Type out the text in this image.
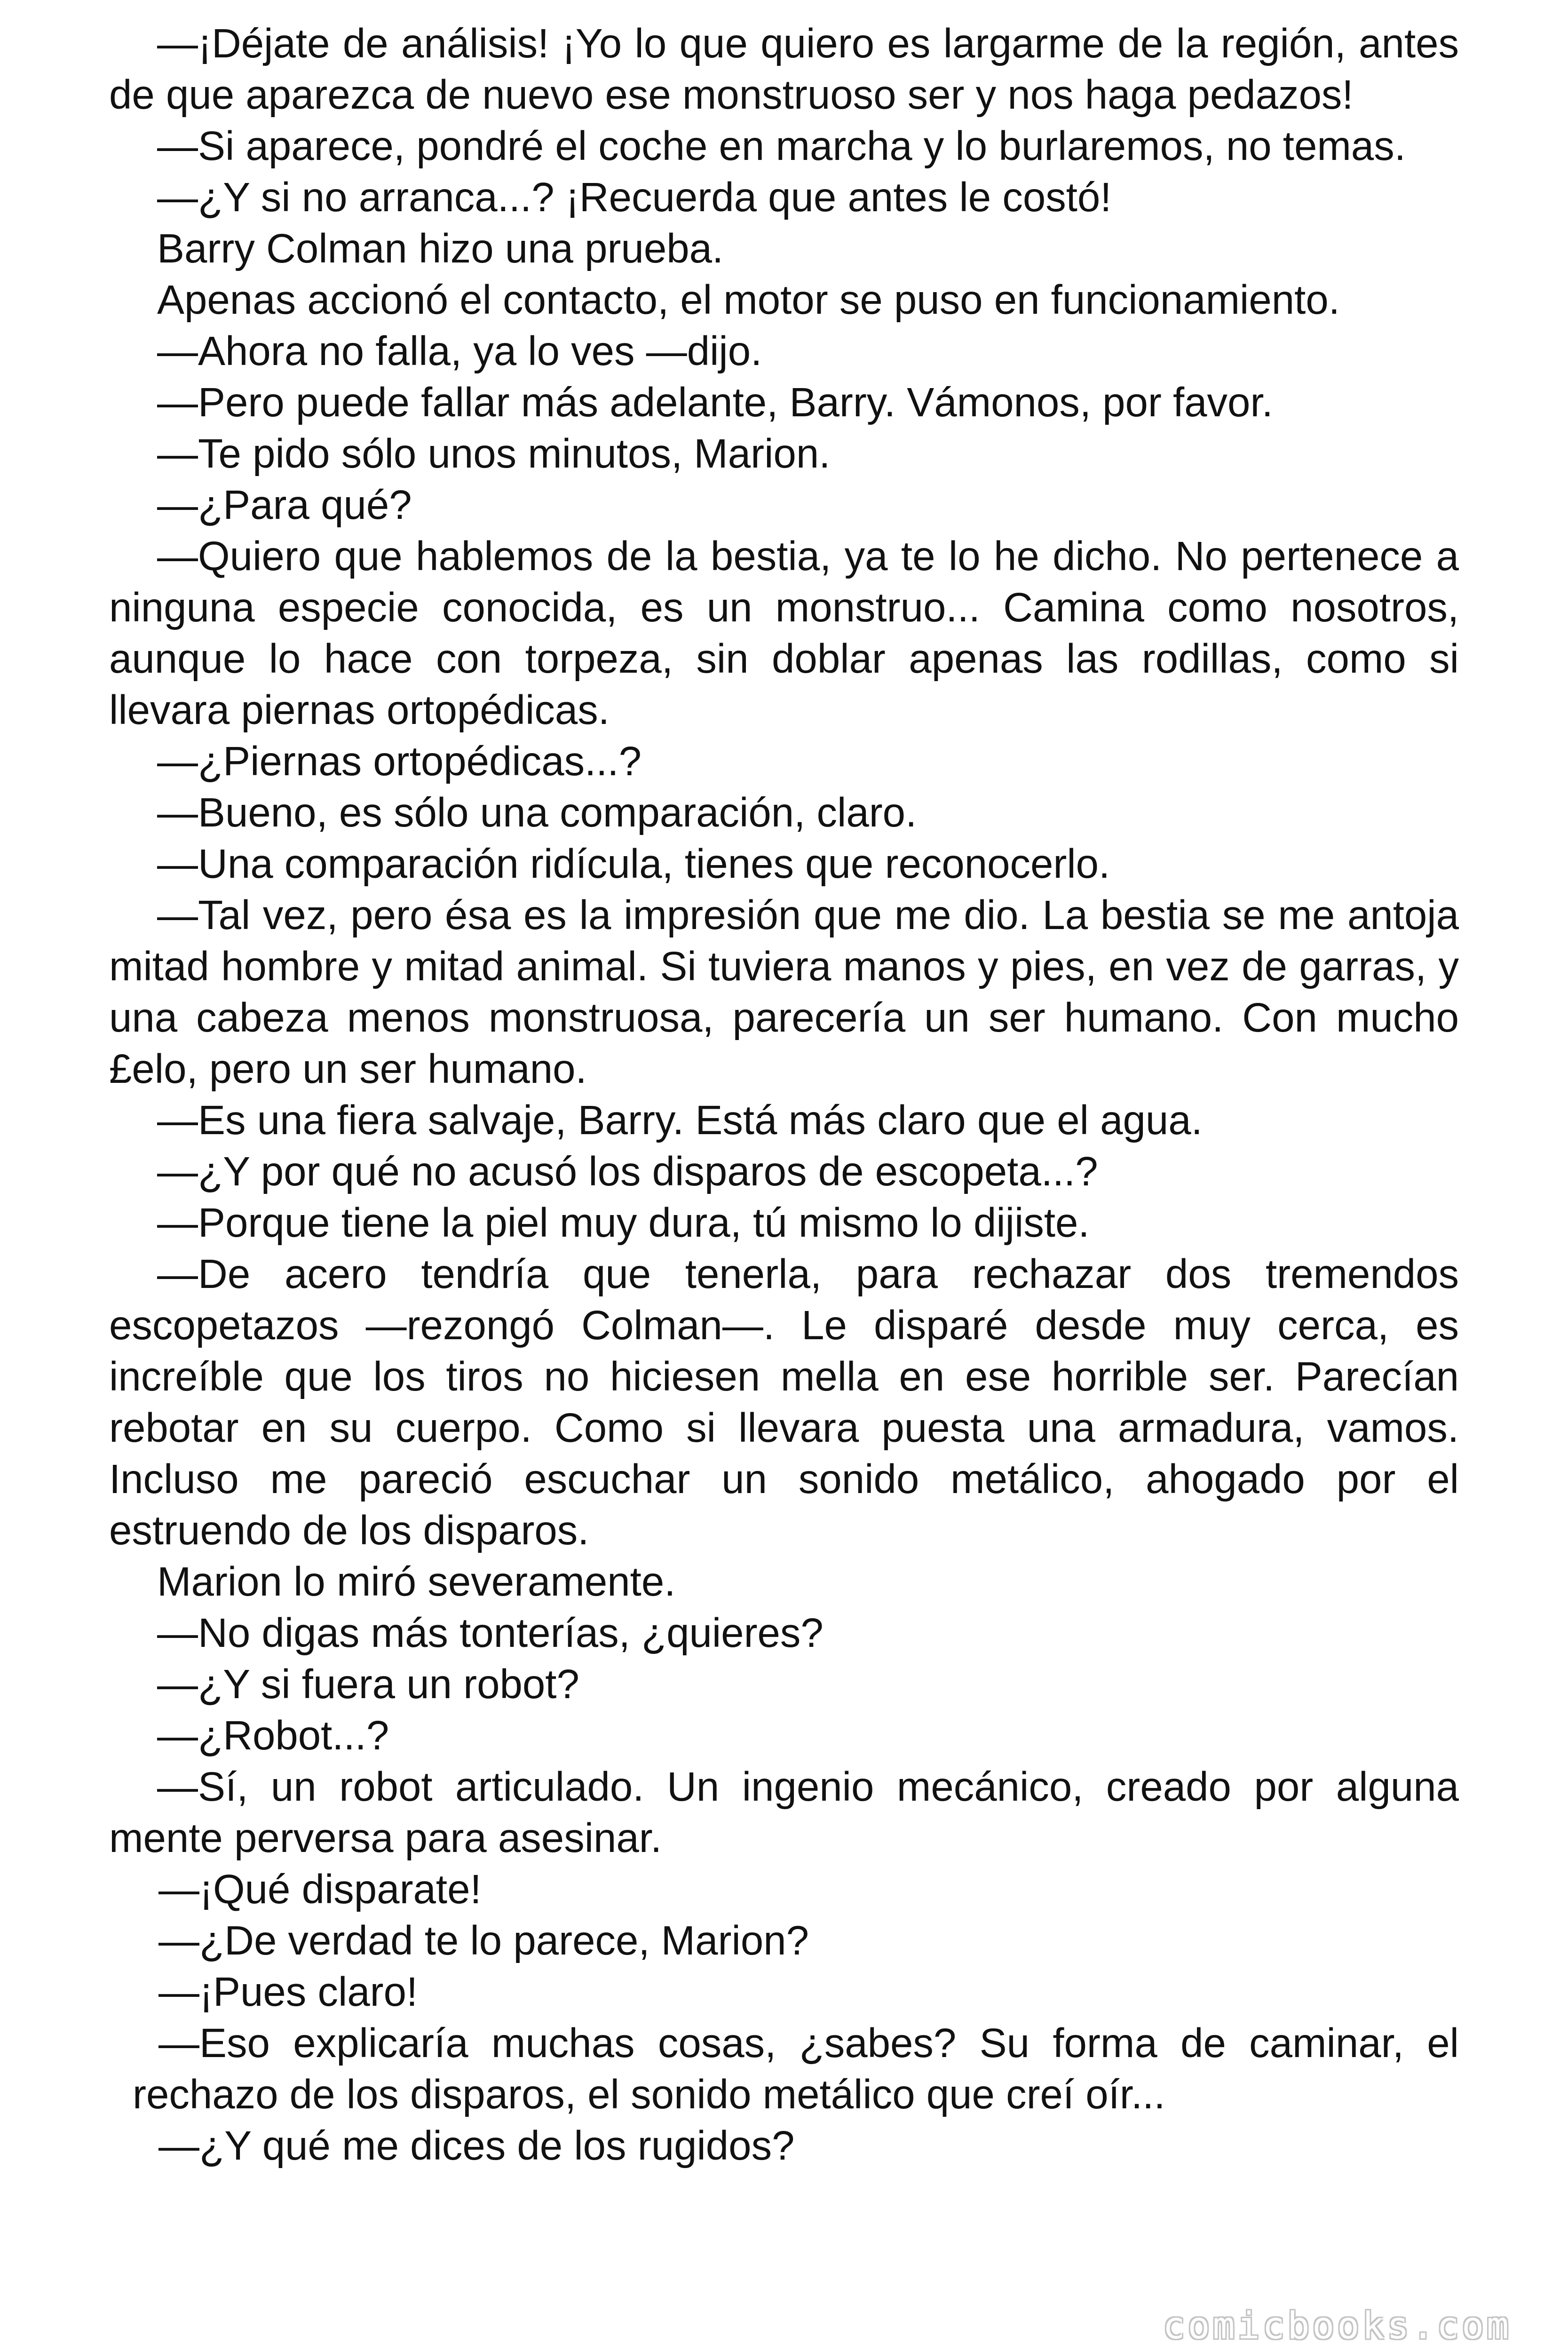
—¡Déjate de análisis! ¡Yo lo que quiero es largarme de la región, antes de que aparezca de nuevo ese monstruoso ser y nos haga pedazos!

—Si aparece, pondré el coche en marcha y lo burlaremos, no temas.

—¿Y si no arranca...? ¡Recuerda que antes le costó!

Barry Colman hizo una prueba.

Apenas accionó el contacto, el motor se puso en funcionamiento.

—Ahora no falla, ya lo ves —dijo.

—Pero puede fallar más adelante, Barry. Vámonos, por favor.

—Te pido sólo unos minutos, Marion.

—¿Para qué?

—Quiero que hablemos de la bestia, ya te lo he dicho. No pertenece a ninguna especie conocida, es un monstruo... Camina como nosotros, aunque lo hace con torpeza, sin doblar apenas las rodillas, como si llevara piernas ortopédicas.

—¿Piernas ortopédicas...?

—Bueno, es sólo una comparación, claro.

—Una comparación ridícula, tienes que reconocerlo.

—Tal vez, pero ésa es la impresión que me dio. La bestia se me antoja mitad hombre y mitad animal. Si tuviera manos y pies, en vez de garras, y una cabeza menos monstruosa, parecería un ser humano. Con mucho £elo, pero un ser humano.

—Es una fiera salvaje, Barry. Está más claro que el agua.

—¿Y por qué no acusó los disparos de escopeta...?

—Porque tiene la piel muy dura, tú mismo lo dijiste.

—De acero tendría que tenerla, para rechazar dos tremendos escopetazos —rezongó Colman—. Le disparé desde muy cerca, es increíble que los tiros no hiciesen mella en ese horrible ser. Parecían rebotar en su cuerpo. Como si llevara puesta una armadura, vamos. Incluso me pareció escuchar un sonido metálico, ahogado por el estruendo de los disparos.

Marion lo miró severamente.

—No digas más tonterías, ¿quieres?

—¿Y si fuera un robot?

—¿Robot...?

—Sí, un robot articulado. Un ingenio mecánico, creado por alguna mente perversa para asesinar.

—¡Qué disparate!

—¿De verdad te lo parece, Marion?

—¡Pues claro!

—Eso explicaría muchas cosas, ¿sabes? Su forma de caminar, el rechazo de los disparos, el sonido metálico que creí oír...

—¿Y qué me dices de los rugidos?

comicbooks.com
